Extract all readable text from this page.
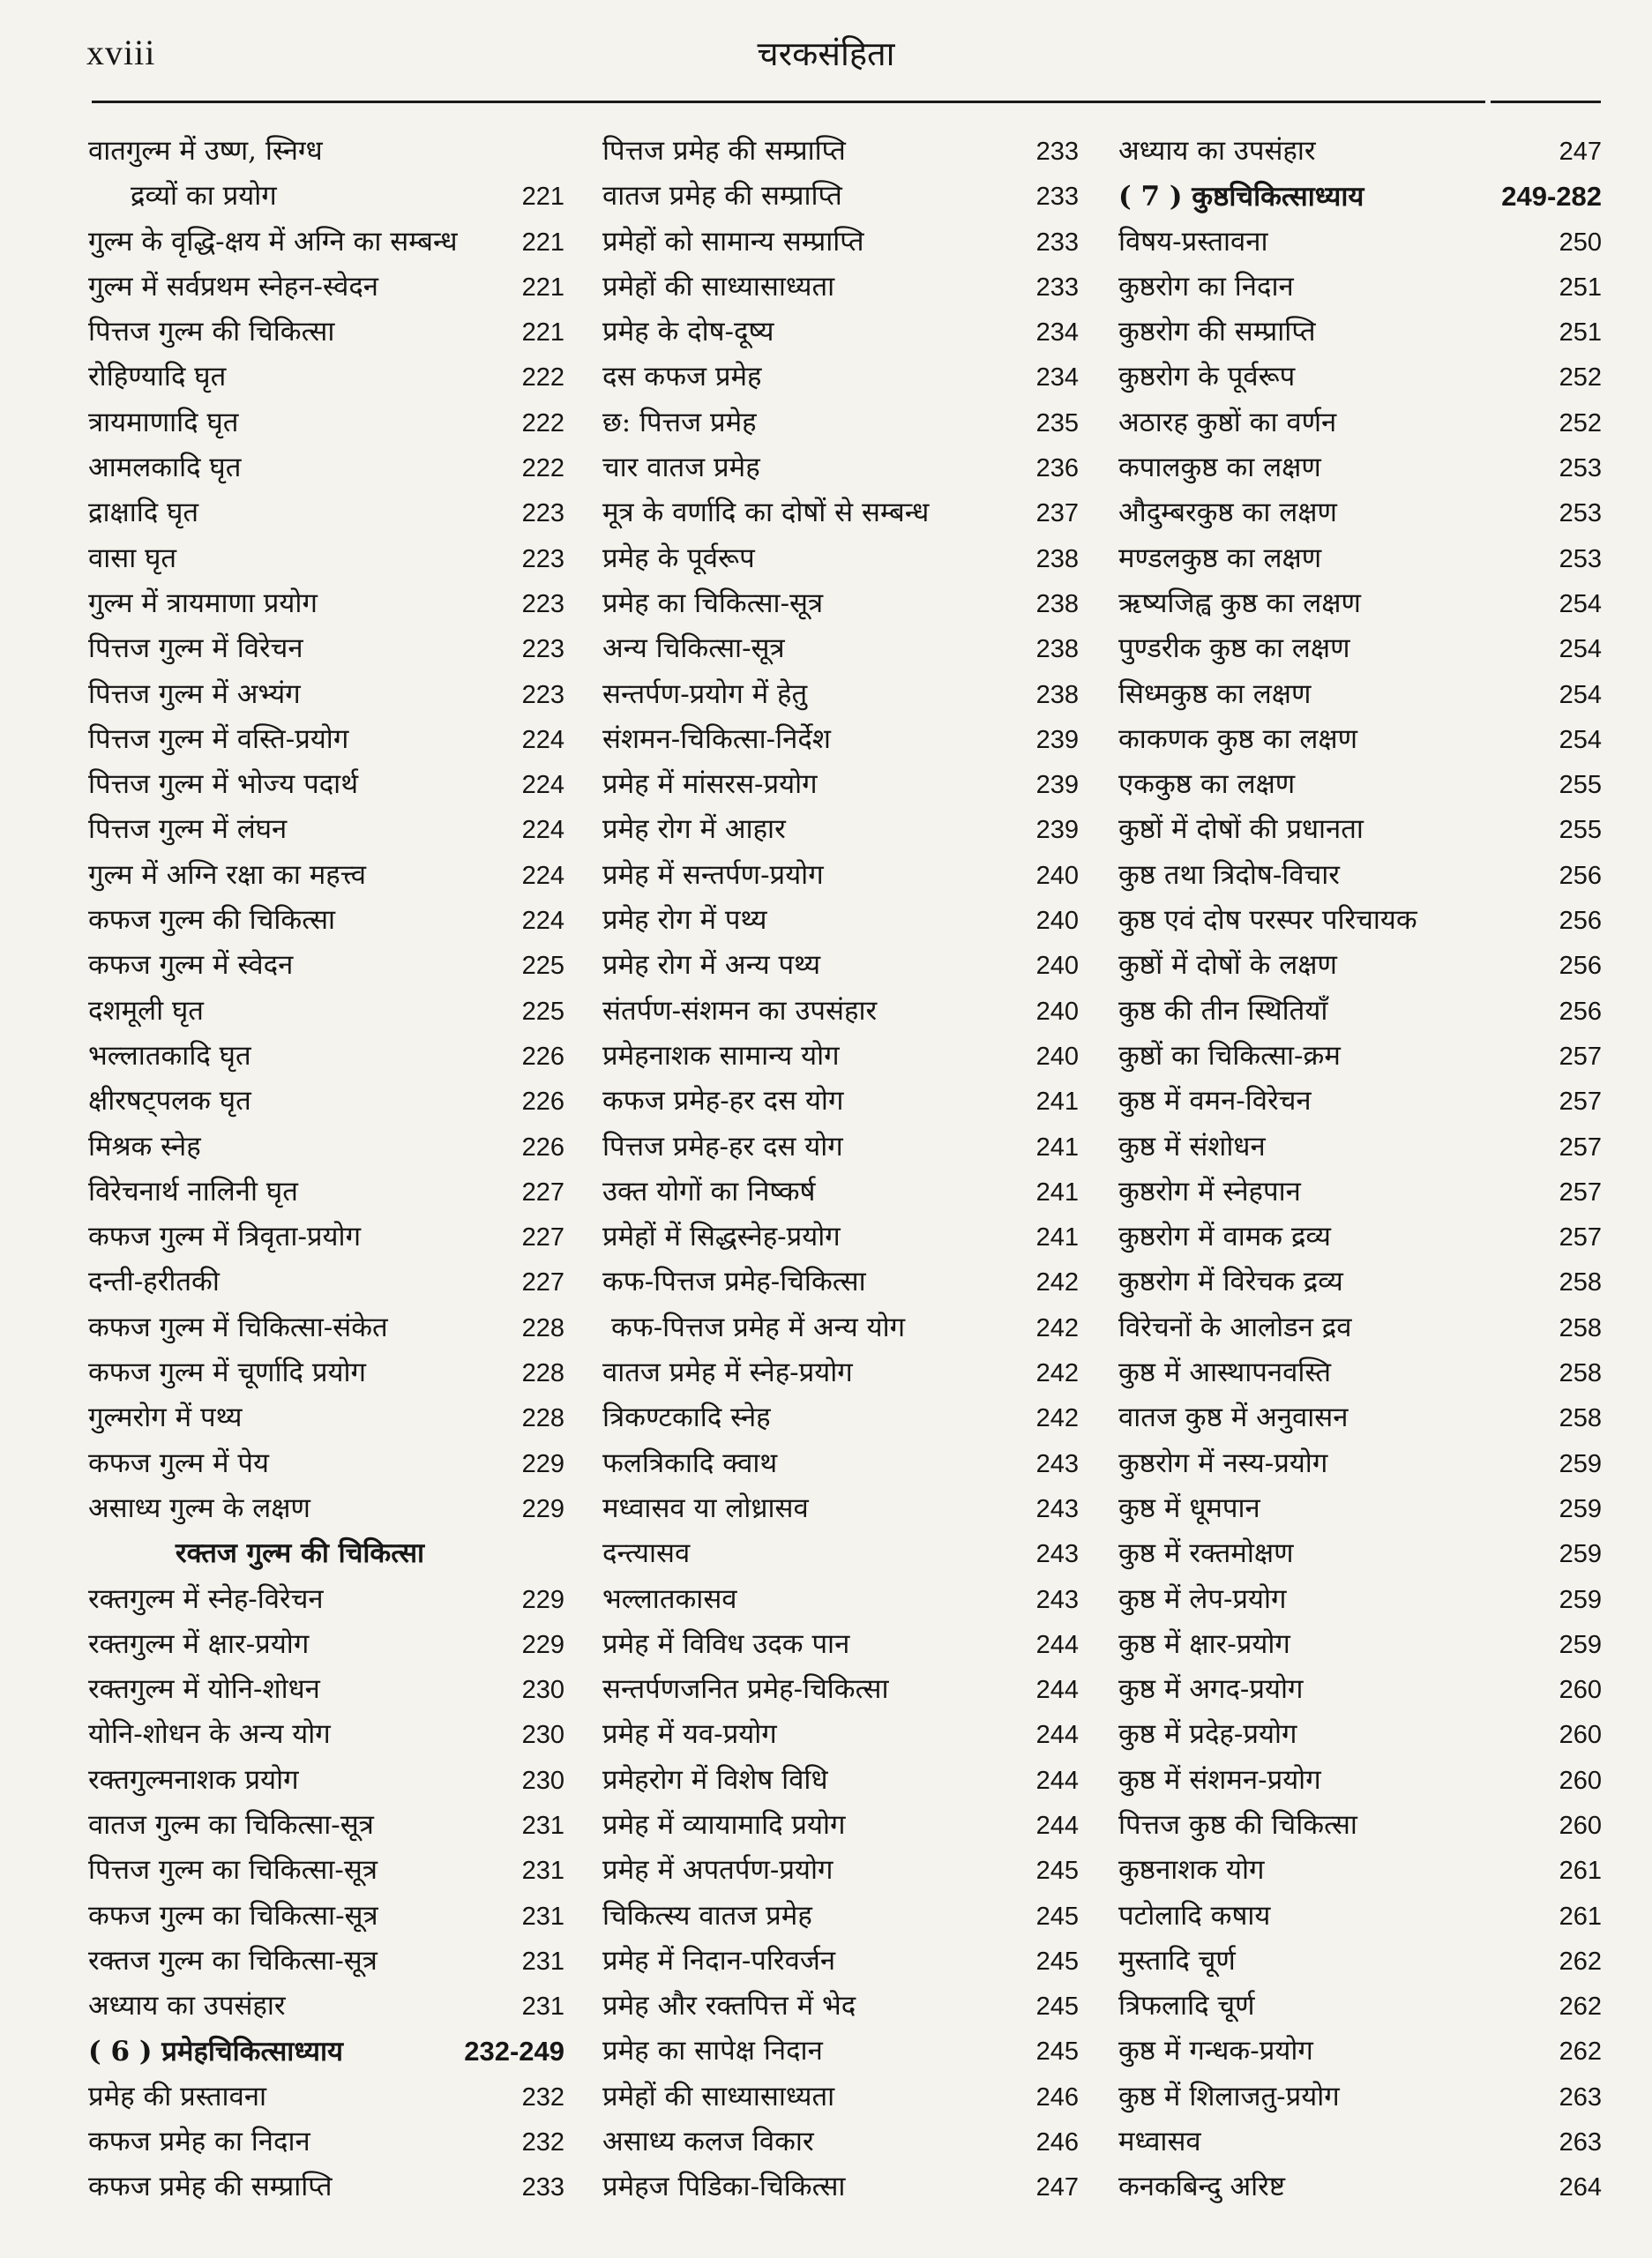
xviii	चरकसंहिता
वातगुल्म में उष्ण, स्निग्ध
द्रव्यों का प्रयोग	221
गुल्म के वृद्धि-क्षय में अग्नि का सम्बन्ध	221
गुल्म में सर्वप्रथम स्नेहन-स्वेदन	221
पित्तज गुल्म की चिकित्सा	221
रोहिण्यादि घृत	222
त्रायमाणादि घृत	222
आमलकादि घृत	222
द्राक्षादि घृत	223
वासा घृत	223
गुल्म में त्रायमाणा प्रयोग	223
पित्तज गुल्म में विरेचन	223
पित्तज गुल्म में अभ्यंग	223
पित्तज गुल्म में वस्ति-प्रयोग	224
पित्तज गुल्म में भोज्य पदार्थ	224
पित्तज गुल्म में लंघन	224
गुल्म में अग्नि रक्षा का महत्त्व	224
कफज गुल्म की चिकित्सा	224
कफज गुल्म में स्वेदन	225
दशमूली घृत	225
भल्लातकादि घृत	226
क्षीरषट्पलक घृत	226
मिश्रक स्नेह	226
विरेचनार्थ नालिनी घृत	227
कफज गुल्म में त्रिवृता-प्रयोग	227
दन्ती-हरीतकी	227
कफज गुल्म में चिकित्सा-संकेत	228
कफज गुल्म में चूर्णादि प्रयोग	228
गुल्मरोग में पथ्य	228
कफज गुल्म में पेय	229
असाध्य गुल्म के लक्षण	229
रक्तज गुल्म की चिकित्सा
रक्तगुल्म में स्नेह-विरेचन	229
रक्तगुल्म में क्षार-प्रयोग	229
रक्तगुल्म में योनि-शोधन	230
योनि-शोधन के अन्य योग	230
रक्तगुल्मनाशक प्रयोग	230
वातज गुल्म का चिकित्सा-सूत्र	231
पित्तज गुल्म का चिकित्सा-सूत्र	231
कफज गुल्म का चिकित्सा-सूत्र	231
रक्तज गुल्म का चिकित्सा-सूत्र	231
अध्याय का उपसंहार	231
( 6 ) प्रमेहचिकित्साध्याय	232-249
प्रमेह की प्रस्तावना	232
कफज प्रमेह का निदान	232
कफज प्रमेह की सम्प्राप्ति	233
पित्तज प्रमेह की सम्प्राप्ति	233
वातज प्रमेह की सम्प्राप्ति	233
प्रमेहों को सामान्य सम्प्राप्ति	233
प्रमेहों की साध्यासाध्यता	233
प्रमेह के दोष-दूष्य	234
दस कफज प्रमेह	234
छ: पित्तज प्रमेह	235
चार वातज प्रमेह	236
मूत्र के वर्णादि का दोषों से सम्बन्ध	237
प्रमेह के पूर्वरूप	238
प्रमेह का चिकित्सा-सूत्र	238
अन्य चिकित्सा-सूत्र	238
सन्तर्पण-प्रयोग में हेतु	238
संशमन-चिकित्सा-निर्देश	239
प्रमेह में मांसरस-प्रयोग	239
प्रमेह रोग में आहार	239
प्रमेह में सन्तर्पण-प्रयोग	240
प्रमेह रोग में पथ्य	240
प्रमेह रोग में अन्य पथ्य	240
संतर्पण-संशमन का उपसंहार	240
प्रमेहनाशक सामान्य योग	240
कफज प्रमेह-हर दस योग	241
पित्तज प्रमेह-हर दस योग	241
उक्त योगों का निष्कर्ष	241
प्रमेहों में सिद्धस्नेह-प्रयोग	241
कफ-पित्तज प्रमेह-चिकित्सा	242
कफ-पित्तज प्रमेह में अन्य योग	242
वातज प्रमेह में स्नेह-प्रयोग	242
त्रिकण्टकादि स्नेह	242
फलत्रिकादि क्वाथ	243
मध्वासव या लोध्रासव	243
दन्त्यासव	243
भल्लातकासव	243
प्रमेह में विविध उदक पान	244
सन्तर्पणजनित प्रमेह-चिकित्सा	244
प्रमेह में यव-प्रयोग	244
प्रमेहरोग में विशेष विधि	244
प्रमेह में व्यायामादि प्रयोग	244
प्रमेह में अपतर्पण-प्रयोग	245
चिकित्स्य वातज प्रमेह	245
प्रमेह में निदान-परिवर्जन	245
प्रमेह और रक्तपित्त में भेद	245
प्रमेह का सापेक्ष निदान	245
प्रमेहों की साध्यासाध्यता	246
असाध्य कलज विकार	246
प्रमेहज पिडिका-चिकित्सा	247
अध्याय का उपसंहार	247
( 7 ) कुष्ठचिकित्साध्याय	249-282
विषय-प्रस्तावना	250
कुष्ठरोग का निदान	251
कुष्ठरोग की सम्प्राप्ति	251
कुष्ठरोग के पूर्वरूप	252
अठारह कुष्ठों का वर्णन	252
कपालकुष्ठ का लक्षण	253
औदुम्बरकुष्ठ का लक्षण	253
मण्डलकुष्ठ का लक्षण	253
ऋष्यजिह्व कुष्ठ का लक्षण	254
पुण्डरीक कुष्ठ का लक्षण	254
सिध्मकुष्ठ का लक्षण	254
काकणक कुष्ठ का लक्षण	254
एककुष्ठ का लक्षण	255
कुष्ठों में दोषों की प्रधानता	255
कुष्ठ तथा त्रिदोष-विचार	256
कुष्ठ एवं दोष परस्पर परिचायक	256
कुष्ठों में दोषों के लक्षण	256
कुष्ठ की तीन स्थितियाँ	256
कुष्ठों का चिकित्सा-क्रम	257
कुष्ठ में वमन-विरेचन	257
कुष्ठ में संशोधन	257
कुष्ठरोग में स्नेहपान	257
कुष्ठरोग में वामक द्रव्य	257
कुष्ठरोग में विरेचक द्रव्य	258
विरेचनों के आलोडन द्रव	258
कुष्ठ में आस्थापनवस्ति	258
वातज कुष्ठ में अनुवासन	258
कुष्ठरोग में नस्य-प्रयोग	259
कुष्ठ में धूमपान	259
कुष्ठ में रक्तमोक्षण	259
कुष्ठ में लेप-प्रयोग	259
कुष्ठ में क्षार-प्रयोग	259
कुष्ठ में अगद-प्रयोग	260
कुष्ठ में प्रदेह-प्रयोग	260
कुष्ठ में संशमन-प्रयोग	260
पित्तज कुष्ठ की चिकित्सा	260
कुष्ठनाशक योग	261
पटोलादि कषाय	261
मुस्तादि चूर्ण	262
त्रिफलादि चूर्ण	262
कुष्ठ में गन्धक-प्रयोग	262
कुष्ठ में शिलाजतु-प्रयोग	263
मध्वासव	263
कनकबिन्दु अरिष्ट	264
